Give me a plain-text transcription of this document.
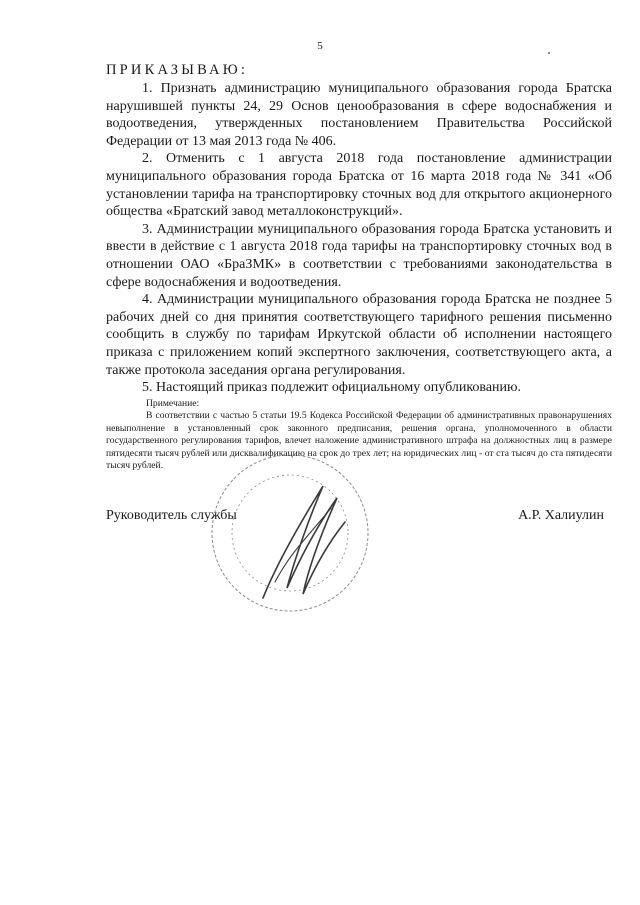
5
ПРИКАЗЫВАЮ:

1. Признать администрацию муниципального образования города Братска нарушившей пункты 24, 29 Основ ценообразования в сфере водоснабжения и водоотведения, утвержденных постановлением Правительства Российской Федерации от 13 мая 2013 года № 406.

2. Отменить с 1 августа 2018 года постановление администрации муниципального образования города Братска от 16 марта 2018 года № 341 «Об установлении тарифа на транспортировку сточных вод для открытого акционерного общества «Братский завод металлоконструкций».

3. Администрации муниципального образования города Братска установить и ввести в действие с 1 августа 2018 года тарифы на транспортировку сточных вод в отношении ОАО «БраЗМК» в соответствии с требованиями законодательства в сфере водоснабжения и водоотведения.

4. Администрации муниципального образования города Братска не позднее 5 рабочих дней со дня принятия соответствующего тарифного решения письменно сообщить в службу по тарифам Иркутской области об исполнении настоящего приказа с приложением копий экспертного заключения, соответствующего акта, а также протокола заседания органа регулирования.

5. Настоящий приказ подлежит официальному опубликованию.

Примечание:

В соответствии с частью 5 статьи 19.5 Кодекса Российской Федерации об административных правонарушениях невыполнение в установленный срок законного предписания, решения органа, уполномоченного в области государственного регулирования тарифов, влечет наложение административного штрафа на должностных лиц в размере пятидесяти тысяч рублей или дисквалификацию на срок до трех лет; на юридических лиц - от ста тысяч до ста пятидесяти тысяч рублей.

Руководитель службы	А.Р. Халиулин
